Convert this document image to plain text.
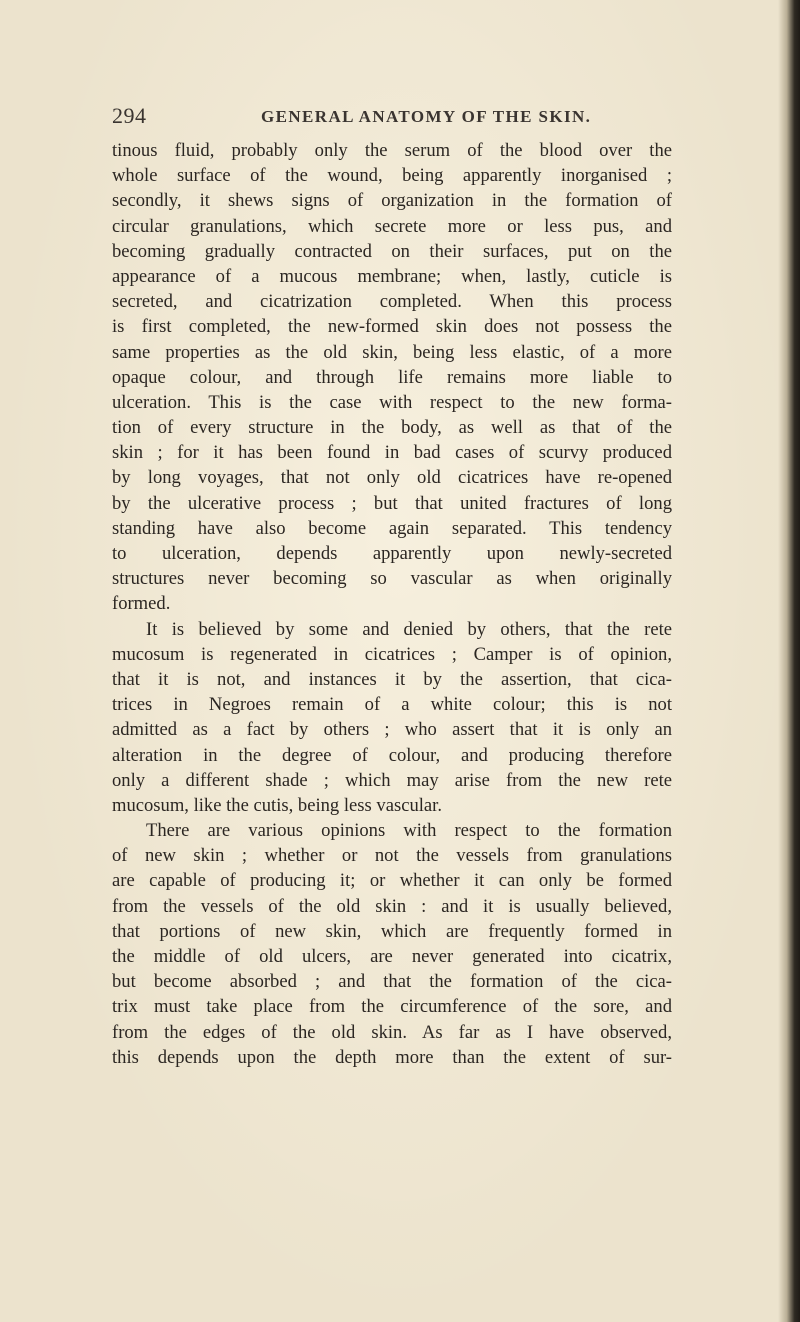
294	GENERAL ANATOMY OF THE SKIN.
tinous fluid, probably only the serum of the blood over the
whole surface of the wound, being apparently inorganised ;
secondly, it shews signs of organization in the formation of
circular granulations, which secrete more or less pus, and
becoming gradually contracted on their surfaces, put on the
appearance of a mucous membrane; when, lastly, cuticle is
secreted, and cicatrization completed. When this process
is first completed, the new-formed skin does not possess the
same properties as the old skin, being less elastic, of a more
opaque colour, and through life remains more liable to
ulceration. This is the case with respect to the new forma-
tion of every structure in the body, as well as that of the
skin ; for it has been found in bad cases of scurvy produced
by long voyages, that not only old cicatrices have re-opened
by the ulcerative process ; but that united fractures of long
standing have also become again separated. This tendency
to ulceration, depends apparently upon newly-secreted
structures never becoming so vascular as when originally
formed.
It is believed by some and denied by others, that the rete
mucosum is regenerated in cicatrices ; Camper is of opinion,
that it is not, and instances it by the assertion, that cica-
trices in Negroes remain of a white colour; this is not
admitted as a fact by others ; who assert that it is only an
alteration in the degree of colour, and producing therefore
only a different shade ; which may arise from the new rete
mucosum, like the cutis, being less vascular.
There are various opinions with respect to the formation
of new skin ; whether or not the vessels from granulations
are capable of producing it; or whether it can only be formed
from the vessels of the old skin : and it is usually believed,
that portions of new skin, which are frequently formed in
the middle of old ulcers, are never generated into cicatrix,
but become absorbed ; and that the formation of the cica-
trix must take place from the circumference of the sore, and
from the edges of the old skin. As far as I have observed,
this depends upon the depth more than the extent of sur-
